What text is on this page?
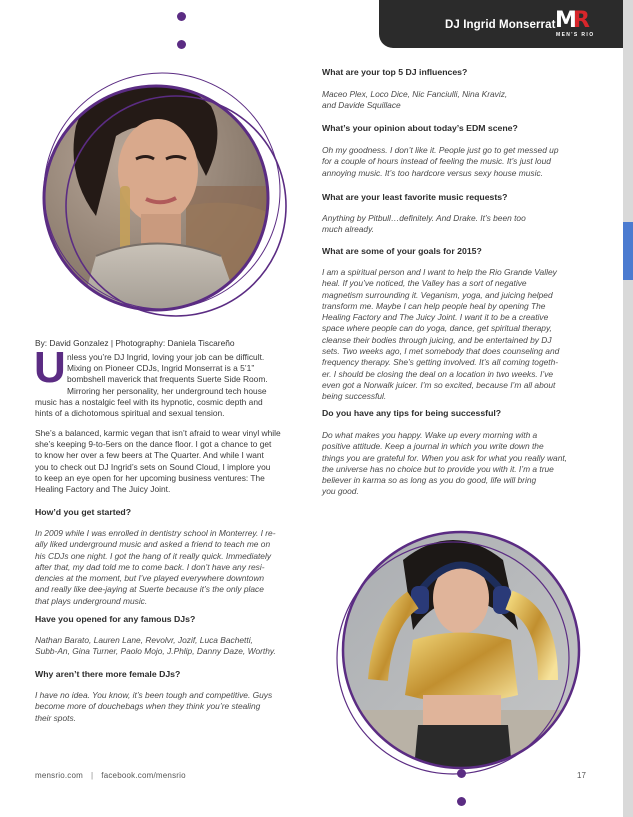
DJ Ingrid Monserrat M
R
MEN'S RIO
What are your top 5 DJ influences?
Maceo Plex, Loco Dice, Nic Fanciulli, Nina Kraviz,
and Davide Squillace
What’s your opinion about today’s EDM scene?
Oh my goodness. I don’t like it. People just go to get messed up
for a couple of hours instead of feeling the music. It’s just loud
annoying music. It’s too hardcore versus sexy house music.
What are your least favorite music requests?
Anything by Pitbull…definitely. And Drake. It’s been too
much already.
What are some of your goals for 2015?
I am a spiritual person and I want to help the Rio Grande Valley
heal. If you’ve noticed, the Valley has a sort of negative
magnetism surrounding it. Veganism, yoga, and juicing helped
transform me. Maybe I can help people heal by opening The
Healing Factory and The Juicy Joint. I want it to be a creative
space where people can do yoga, dance, get spiritual therapy,
cleanse their bodies through juicing, and be entertained by DJ
sets. Two weeks ago, I met somebody that does counseling and
frequency therapy. She’s getting involved. It’s all coming togeth-
er. I should be closing the deal on a location in two weeks. I’ve
even got a Norwalk juicer. I’m so excited, because I’m all about
being successful.
Do you have any tips for being successful?
Do what makes you happy. Wake up every morning with a
positive attitude. Keep a journal in which you write down the
things you are grateful for. When you ask for what you really want,
the universe has no choice but to provide you with it. I’m a true
believer in karma so as long as you do good, life will bring
you good.
By: David Gonzalez | Photography: Daniela Tiscareño
U nless you’re DJ Ingrid, loving your job can be difficult.
Mixing on Pioneer CDJs, Ingrid Monserrat is a 5’1”
bombshell maverick that frequents Suerte Side Room.
Mirroring her personality, her underground tech house
music has a nostalgic feel with its hypnotic, cosmic depth and
hints of a dichotomous spiritual and sexual tension.
She’s a balanced, karmic vegan that isn’t afraid to wear vinyl while
she’s keeping 9-to-5ers on the dance floor. I got a chance to get
to know her over a few beers at The Quarter. And while I want
you to check out DJ Ingrid’s sets on Sound Cloud, I implore you
to keep an eye open for her upcoming business ventures: The
Healing Factory and The Juicy Joint.
How’d you get started?
In 2009 while I was enrolled in dentistry school in Monterrey. I re-
ally liked underground music and asked a friend to teach me on
his CDJs one night. I got the hang of it really quick. Immediately
after that, my dad told me to come back. I don’t have any resi-
dencies at the moment, but I’ve played everywhere downtown
and really like dee-jaying at Suerte because it’s the only place
that plays underground music.
Have you opened for any famous DJs?
Nathan Barato, Lauren Lane, Revolvr, Jozif, Luca Bachetti,
Subb-An, Gina Turner, Paolo Mojo, J.Phlip, Danny Daze, Worthy.
Why aren’t there more female DJs?
I have no idea. You know, it’s been tough and competitive. Guys
become more of douchebags when they think you’re stealing
their spots.
mensrio.com | facebook.com/mensrio	17
